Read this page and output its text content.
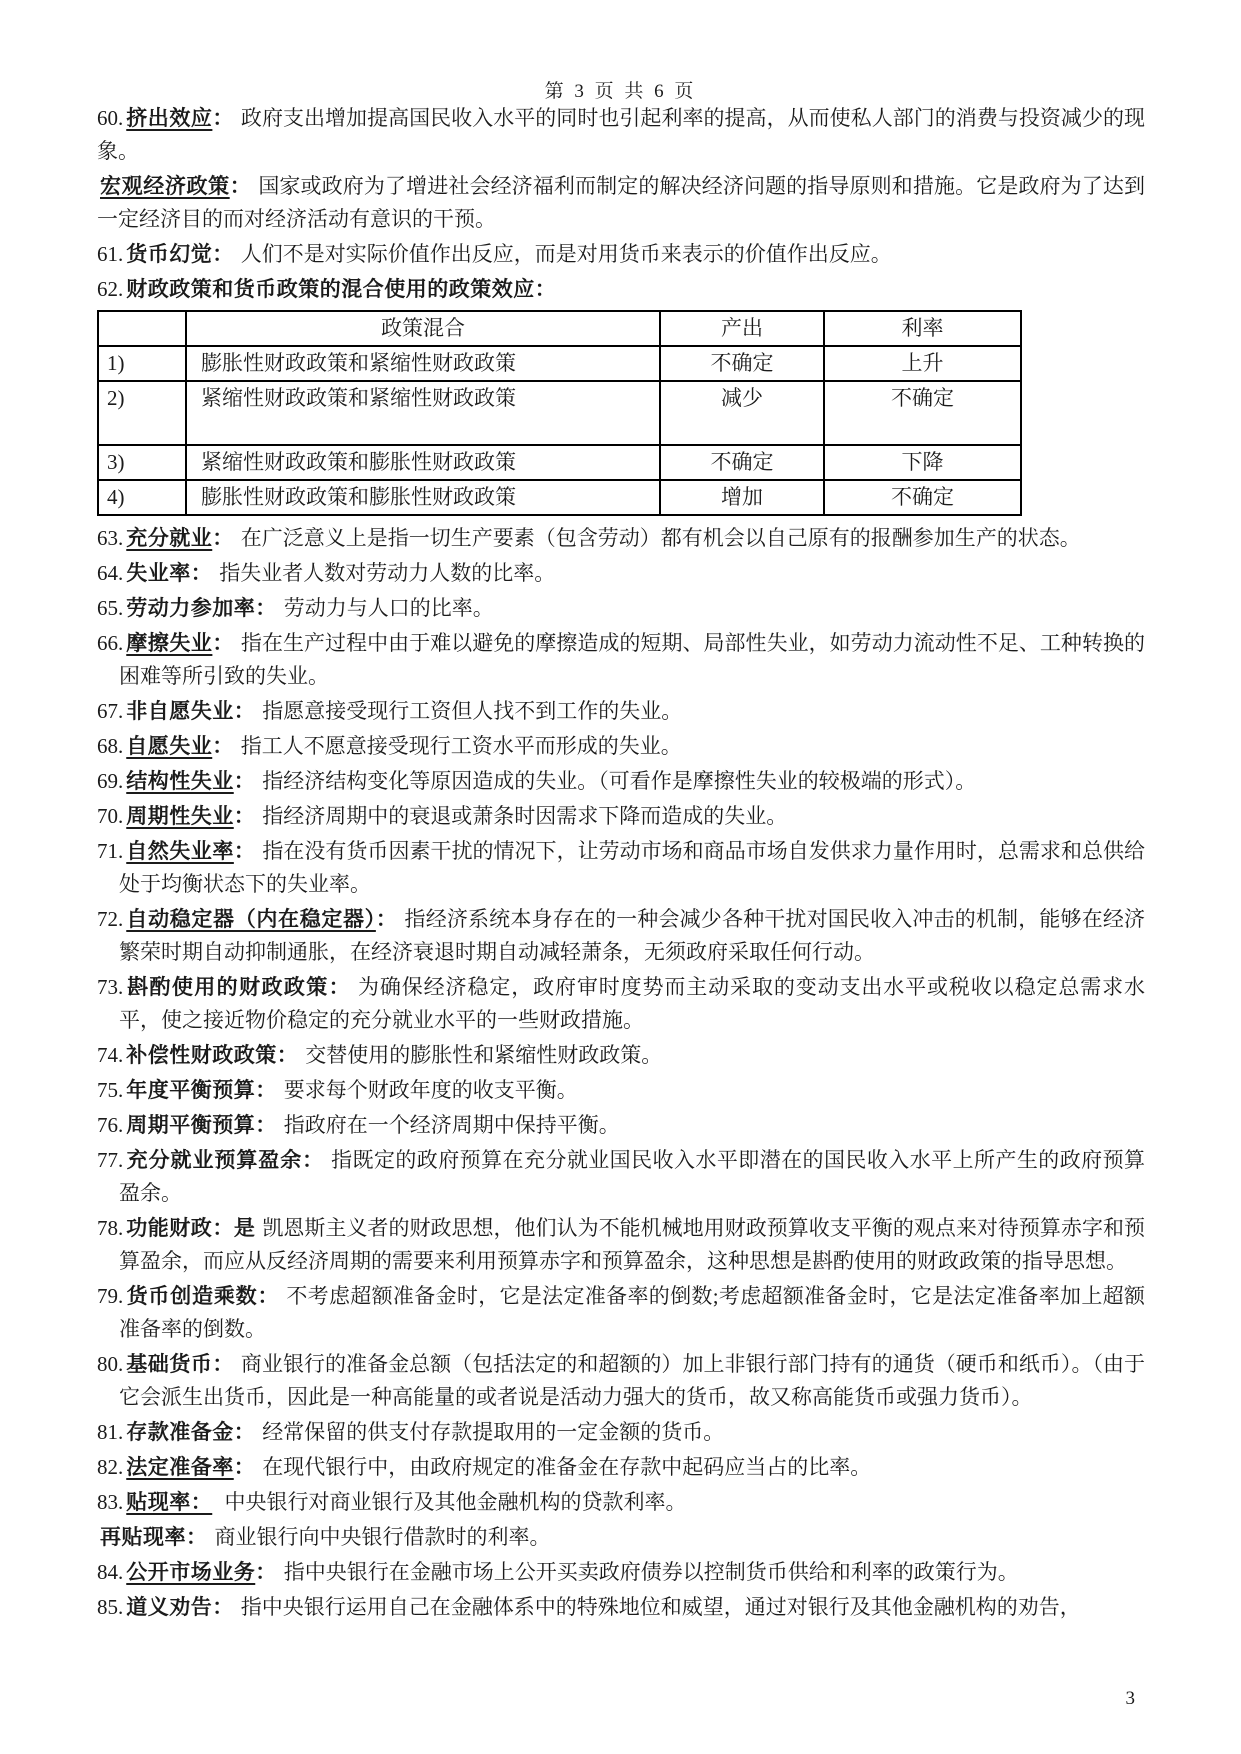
第 3 页 共 6 页

60. 挤出效应： 政府支出增加提高国民收入水平的同时也引起利率的提高，从而使私人部门的消费与投资减少的现象。

宏观经济政策： 国家或政府为了增进社会经济福利而制定的解决经济问题的指导原则和措施。它是政府为了达到一定经济目的而对经济活动有意识的干预。

61. 货币幻觉： 人们不是对实际价值作出反应，而是对用货币来表示的价值作出反应。

62. 财政政策和货币政策的混合使用的政策效应：

	政策混合	产出	利率
1)	膨胀性财政政策和紧缩性财政政策	不确定	上升
2)	紧缩性财政政策和紧缩性财政政策	减少	不确定
3)	紧缩性财政政策和膨胀性财政政策	不确定	下降
4)	膨胀性财政政策和膨胀性财政政策	增加	不确定

63. 充分就业： 在广泛意义上是指一切生产要素（包含劳动）都有机会以自己原有的报酬参加生产的状态。

64. 失业率： 指失业者人数对劳动力人数的比率。

65. 劳动力参加率： 劳动力与人口的比率。

66. 摩擦失业： 指在生产过程中由于难以避免的摩擦造成的短期、局部性失业，如劳动力流动性不足、工种转换的困难等所引致的失业。

67. 非自愿失业： 指愿意接受现行工资但人找不到工作的失业。

68. 自愿失业： 指工人不愿意接受现行工资水平而形成的失业。

69. 结构性失业： 指经济结构变化等原因造成的失业。（可看作是摩擦性失业的较极端的形式）。

70. 周期性失业： 指经济周期中的衰退或萧条时因需求下降而造成的失业。

71. 自然失业率： 指在没有货币因素干扰的情况下，让劳动市场和商品市场自发供求力量作用时，总需求和总供给处于均衡状态下的失业率。

72. 自动稳定器（内在稳定器）： 指经济系统本身存在的一种会减少各种干扰对国民收入冲击的机制，能够在经济繁荣时期自动抑制通胀，在经济衰退时期自动减轻萧条，无须政府采取任何行动。

73. 斟酌使用的财政政策： 为确保经济稳定，政府审时度势而主动采取的变动支出水平或税收以稳定总需求水平，使之接近物价稳定的充分就业水平的一些财政措施。

74. 补偿性财政政策： 交替使用的膨胀性和紧缩性财政政策。

75. 年度平衡预算： 要求每个财政年度的收支平衡。

76. 周期平衡预算： 指政府在一个经济周期中保持平衡。

77. 充分就业预算盈余： 指既定的政府预算在充分就业国民收入水平即潜在的国民收入水平上所产生的政府预算盈余。

78. 功能财政：是 凯恩斯主义者的财政思想，他们认为不能机械地用财政预算收支平衡的观点来对待预算赤字和预算盈余，而应从反经济周期的需要来利用预算赤字和预算盈余，这种思想是斟酌使用的财政政策的指导思想。

79. 货币创造乘数： 不考虑超额准备金时，它是法定准备率的倒数;考虑超额准备金时，它是法定准备率加上超额准备率的倒数。

80. 基础货币： 商业银行的准备金总额（包括法定的和超额的）加上非银行部门持有的通货（硬币和纸币）。（由于它会派生出货币，因此是一种高能量的或者说是活动力强大的货币，故又称高能货币或强力货币）。

81. 存款准备金： 经常保留的供支付存款提取用的一定金额的货币。

82. 法定准备率： 在现代银行中，由政府规定的准备金在存款中起码应当占的比率。

83. 贴现率： 中央银行对商业银行及其他金融机构的贷款利率。

再贴现率： 商业银行向中央银行借款时的利率。

84. 公开市场业务： 指中央银行在金融市场上公开买卖政府债券以控制货币供给和利率的政策行为。

85. 道义劝告： 指中央银行运用自己在金融体系中的特殊地位和威望，通过对银行及其他金融机构的劝告，

3
